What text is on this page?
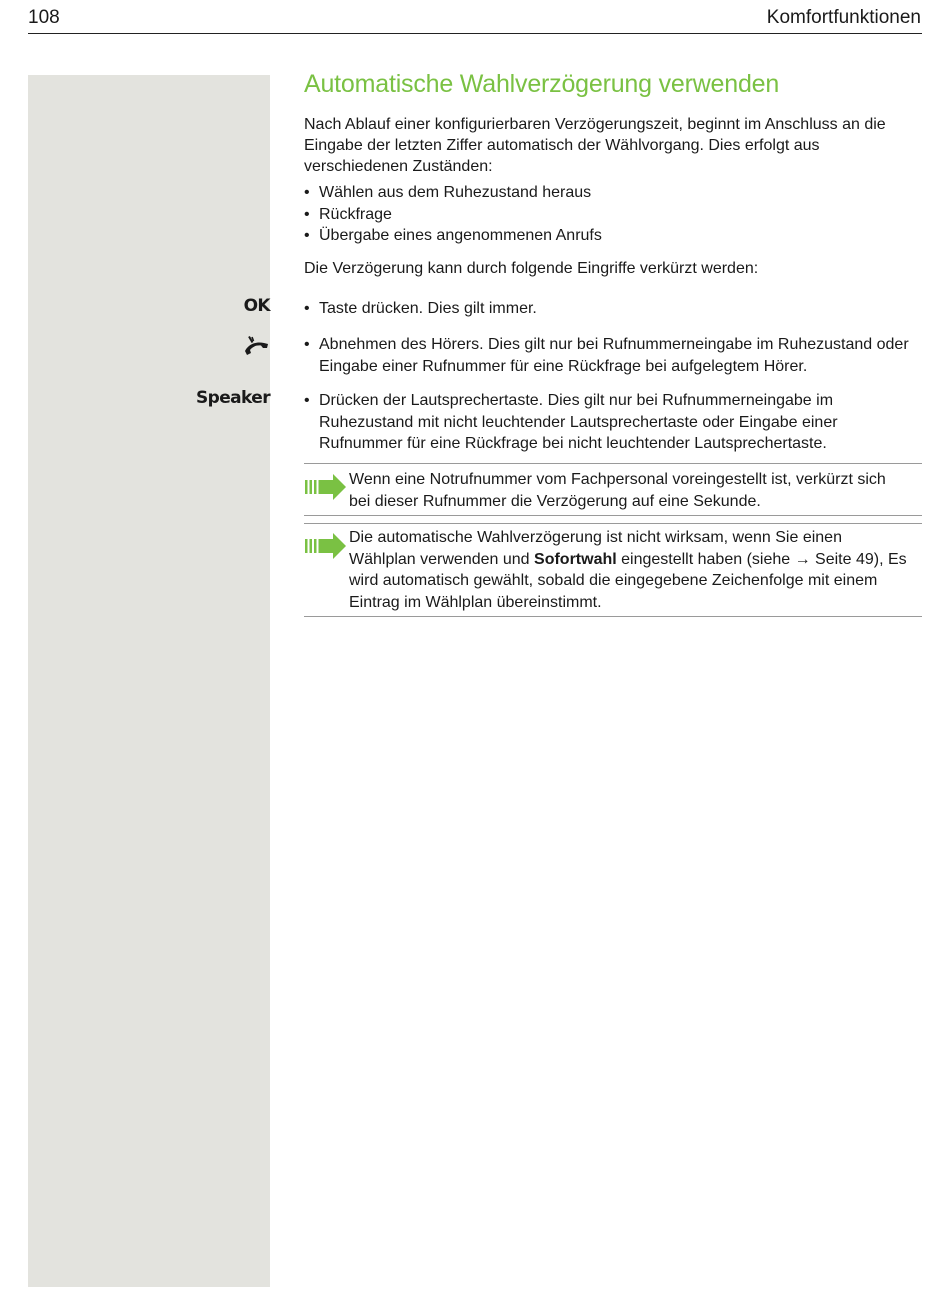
108	Komfortfunktionen
OK
Speaker
Automatische Wahlverzögerung verwenden

Nach Ablauf einer konfigurierbaren Verzögerungszeit, beginnt im Anschluss an die Eingabe der letzten Ziffer automatisch der Wählvorgang. Dies erfolgt aus verschiedenen Zuständen:

• Wählen aus dem Ruhezustand heraus
• Rückfrage
• Übergabe eines angenommenen Anrufs

Die Verzögerung kann durch folgende Eingriffe verkürzt werden:

• Taste drücken. Dies gilt immer.
• Abnehmen des Hörers. Dies gilt nur bei Rufnummerneingabe im Ruhezustand oder Eingabe einer Rufnummer für eine Rückfrage bei aufgelegtem Hörer.
• Drücken der Lautsprechertaste. Dies gilt nur bei Rufnummerneingabe im Ruhezustand mit nicht leuchtender Lautsprechertaste oder Eingabe einer Rufnummer für eine Rückfrage bei nicht leuchtender Lautsprechertaste.
Wenn eine Notrufnummer vom Fachpersonal voreingestellt ist, verkürzt sich bei dieser Rufnummer die Verzögerung auf eine Sekunde.
Die automatische Wahlverzögerung ist nicht wirksam, wenn Sie einen Wählplan verwenden und Sofortwahl eingestellt haben (siehe → Seite 49), Es wird automatisch gewählt, sobald die eingegebene Zeichenfolge mit einem Eintrag im Wählplan übereinstimmt.
